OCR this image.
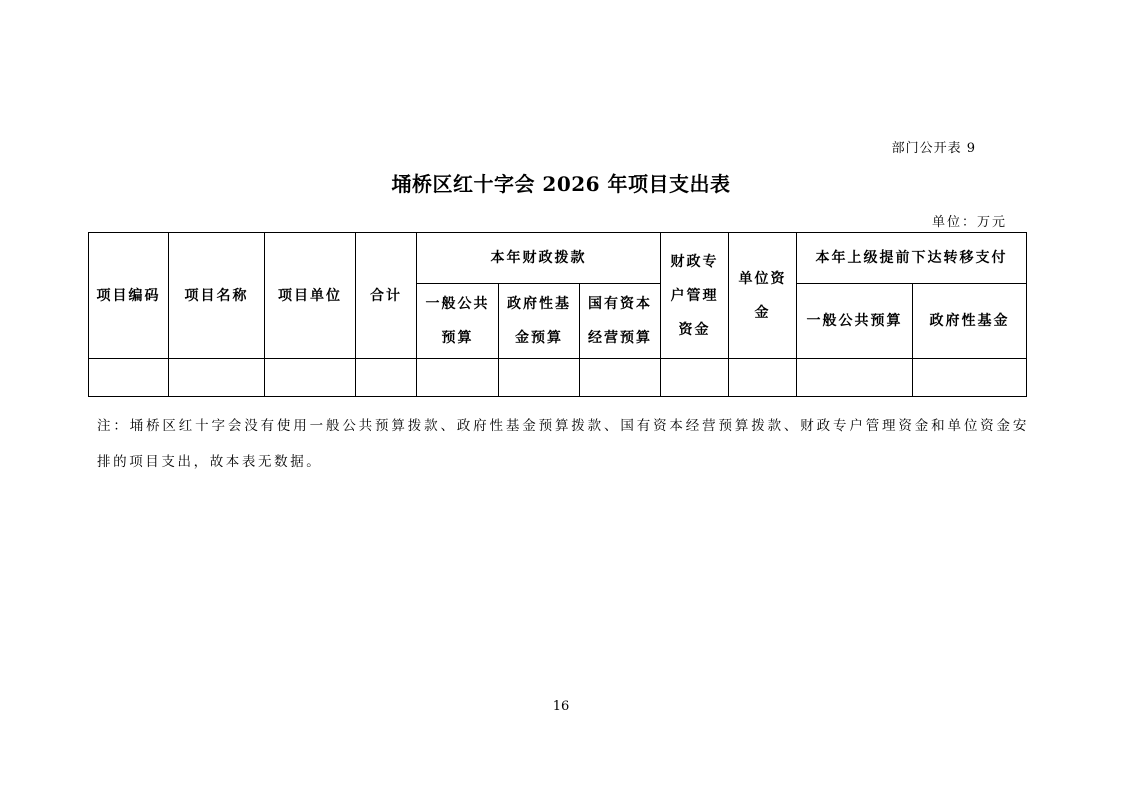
部门公开表 9
埇桥区红十字会 2026 年项目支出表
单位：万元
项目编码	项目名称	项目单位	合计	本年财政拨款			财政专户管理资金	单位资金	本年上级提前下达转移支付	
				一般公共预算	政府性基金预算	国有资本经营预算			一般公共预算	政府性基金

注：埇桥区红十字会没有使用一般公共预算拨款、政府性基金预算拨款、国有资本经营预算拨款、财政专户管理资金和单位资金安排的项目支出，故本表无数据。
16
